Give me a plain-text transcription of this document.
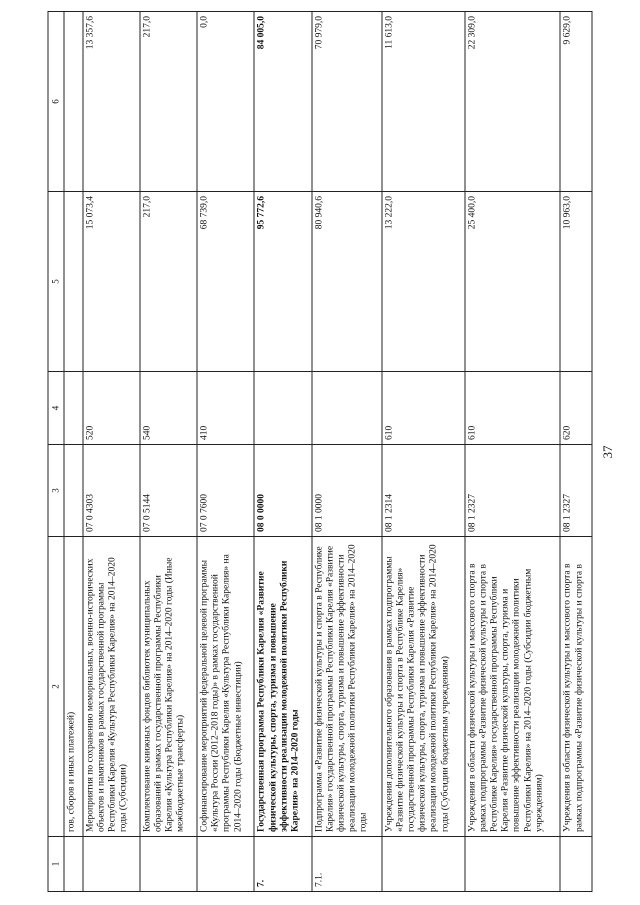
37
1	2	3	4	5	6
	гов, сборов и иных платежей)				
	Мероприятия по сохранению мемориальных, военно-исторических объектов и памятников в рамках государственной программы Республики Карелия «Культура Республики Карелия» на 2014–2020 годы (Субсидии)	07 0 4303	520	15 073,4	13 357,6
	Комплектование книжных фондов библиотек муниципальных образований в рамках государственной программы Республики Карелия «Культура Республики Карелия» на 2014–2020 годы (Иные межбюджетные трансферты)	07 0 5144	540	217,0	217,0
	Софинансирование мероприятий федеральной целевой программы «Культура России (2012–2018 годы)» в рамках государственной программы Республики Карелия «Культура Республики Карелия» на 2014–2020 годы (Бюджетные инвестиции)	07 0 7600	410	68 739,0	0,0
7.	Государственная программа Республики Карелия «Развитие физической культуры, спорта, туризма и повышение эффективности реализации молодежной политики Республики Карелия» на 2014–2020 годы	08 0 0000		95 772,6	84 005,0
7.1.	Подпрограмма «Развитие физической культуры и спорта в Республике Карелия» государственной программы Республики Карелия «Развитие физической культуры, спорта, туризма и повышение эффективности реализации молодежной политики Республики Карелия» на 2014–2020 годы	08 1 0000		80 940,6	70 979,0
	Учреждения дополнительного образования в рамках подпрограммы «Развитие физической культуры и спорта в Республике Карелия» государственной программы Республики Карелия «Развитие физической культуры, спорта, туризма и повышение эффективности реализации молодежной политики Республики Карелия» на 2014–2020 годы (Субсидии бюджетным учреждениям)	08 1 2314	610	13 222,0	11 613,0
	Учреждения в области физической культуры и массового спорта в рамках подпрограммы «Развитие физической культуры и спорта в Республике Карелия» государственной программы Республики Карелия «Развитие физической культуры, спорта, туризма и повышение эффективности реализации молодежной политики Республики Карелия» на 2014–2020 годы (Субсидии бюджетным учреждениям)	08 1 2327	610	25 400,0	22 309,0
	Учреждения в области физической культуры и массового спорта в рамках подпрограммы «Развитие физической культуры и спорта в	08 1 2327	620	10 963,0	9 629,0
